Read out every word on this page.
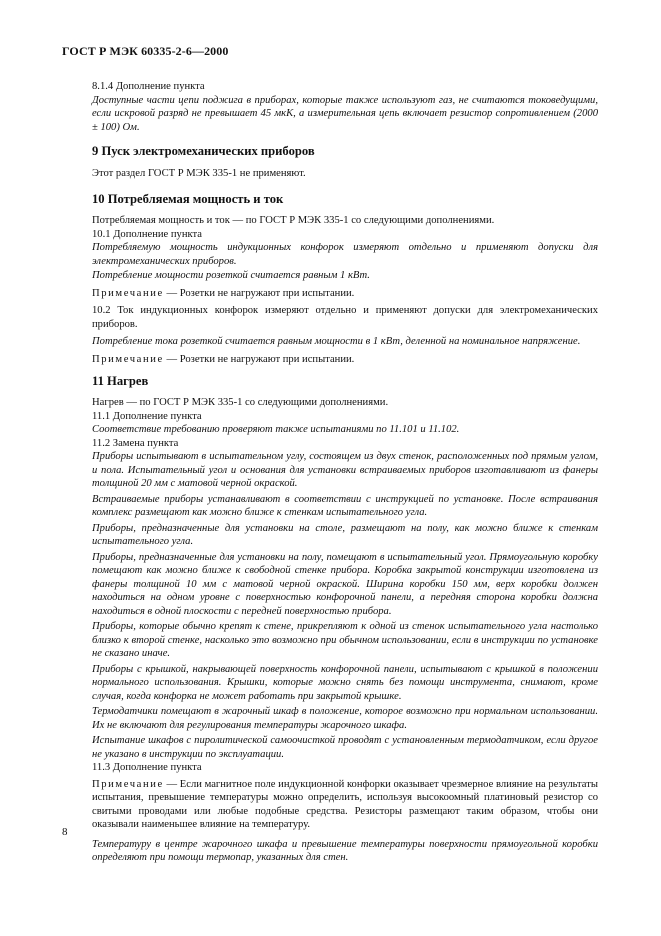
ГОСТ Р МЭК 60335-2-6—2000

8.1.4 Дополнение пункта

Доступные части цепи поджига в приборах, которые также используют газ, не считаются токоведущими, если искровой разряд не превышает 45 мкК, а измерительная цепь включает резистор сопротивлением (2000 ± 100) Ом.

9 Пуск электромеханических приборов
Этот раздел ГОСТ Р МЭК 335-1 не применяют.
10 Потребляемая мощность и ток

Потребляемая мощность и ток — по ГОСТ Р МЭК 335-1 со следующими дополнениями.

10.1 Дополнение пункта

Потребляемую мощность индукционных конфорок измеряют отдельно и применяют допуски для электромеханических приборов.

Потребление мощности розеткой считается равным 1 кВт.

Примечание — Розетки не нагружают при испытании.

10.2 Ток индукционных конфорок измеряют отдельно и применяют допуски для электромеханических приборов.

Потребление тока розеткой считается равным мощности в 1 кВт, деленной на номинальное напряжение.

Примечание — Розетки не нагружают при испытании.

11 Нагрев

Нагрев — по ГОСТ Р МЭК 335-1 со следующими дополнениями.

11.1 Дополнение пункта

Соответствие требованию проверяют также испытаниями по 11.101 и 11.102.

11.2 Замена пункта

Приборы испытывают в испытательном углу, состоящем из двух стенок, расположенных под прямым углом, и пола. Испытательный угол и основания для установки встраиваемых приборов изготавливают из фанеры толщиной 20 мм с матовой черной окраской.

Встраиваемые приборы устанавливают в соответствии с инструкцией по установке. После встраивания комплекс размещают как можно ближе к стенкам испытательного угла.

Приборы, предназначенные для установки на столе, размещают на полу, как можно ближе к стенкам испытательного угла.

Приборы, предназначенные для установки на полу, помещают в испытательный угол. Прямоугольную коробку помещают как можно ближе к свободной стенке прибора. Коробка закрытой конструкции изготовлена из фанеры толщиной 10 мм с матовой черной окраской. Ширина коробки 150 мм, верх коробки должен находиться на одном уровне с поверхностью конфорочной панели, а передняя сторона коробки должна находиться в одной плоскости с передней поверхностью прибора.

Приборы, которые обычно крепят к стене, прикрепляют к одной из стенок испытательного угла настолько близко к второй стенке, насколько это возможно при обычном использовании, если в инструкции по установке не сказано иначе.

Приборы с крышкой, накрывающей поверхность конфорочной панели, испытывают с крышкой в положении нормального использования. Крышки, которые можно снять без помощи инструмента, снимают, кроме случая, когда конфорка не может работать при закрытой крышке.

Термодатчики помещают в жарочный шкаф в положение, которое возможно при нормальном использовании. Их не включают для регулирования температуры жарочного шкафа.

Испытание шкафов с пиролитической самоочисткой проводят с установленным термодатчиком, если другое не указано в инструкции по эксплуатации.

11.3 Дополнение пункта

Примечание — Если магнитное поле индукционной конфорки оказывает чрезмерное влияние на результаты испытания, превышение температуры можно определить, используя высокоомный платиновый резистор со свитыми проводами или любые подобные средства. Резисторы размещают таким образом, чтобы они оказывали наименьшее влияние на температуру.

Температуру в центре жарочного шкафа и превышение температуры поверхности прямоугольной коробки определяют при помощи термопар, указанных для стен.

8
